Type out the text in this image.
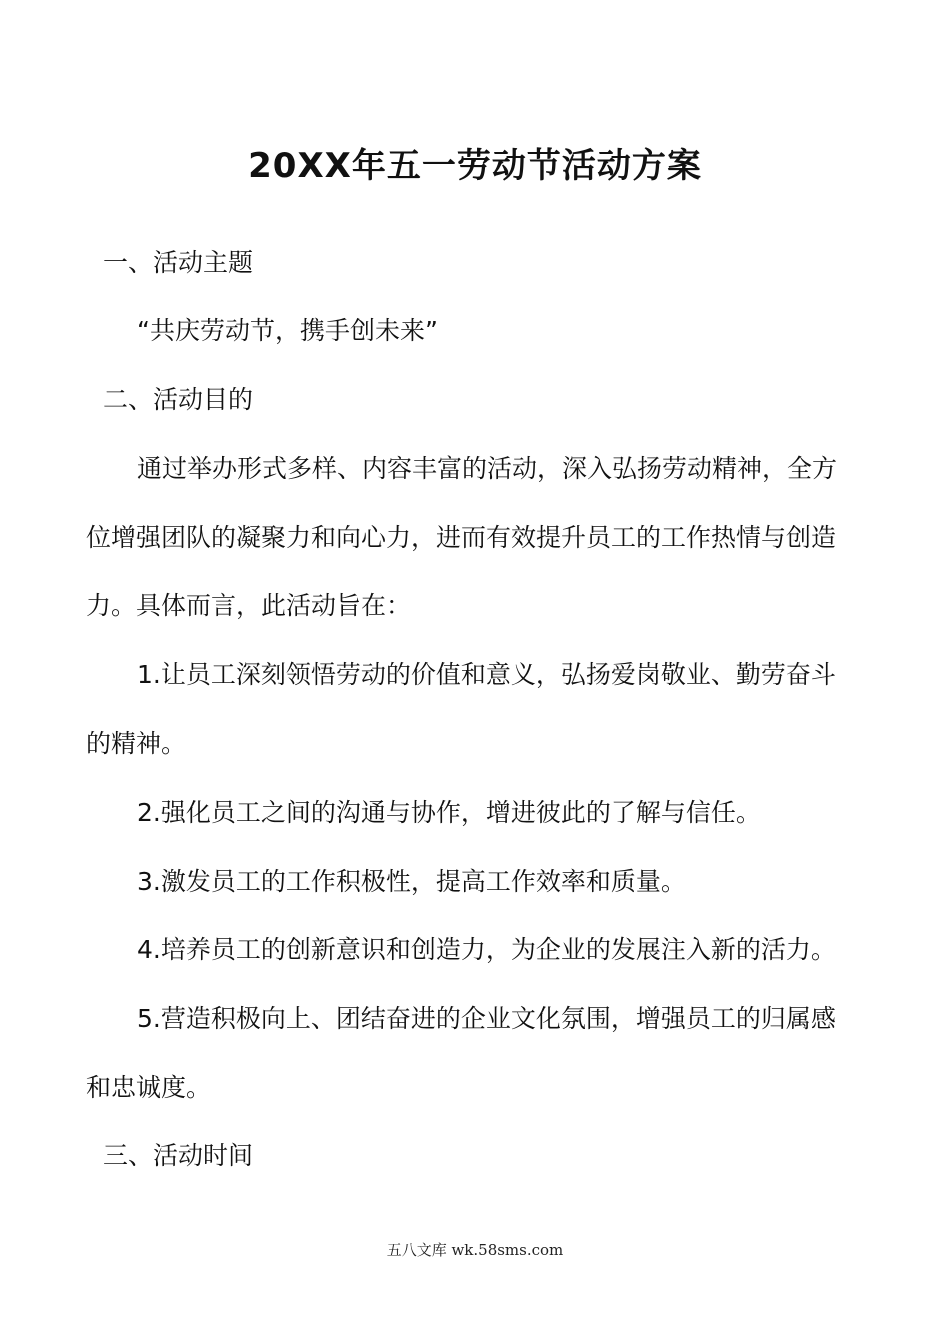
20XX年五一劳动节活动方案

一、活动主题

“共庆劳动节，携手创未来”

二、活动目的

通过举办形式多样、内容丰富的活动，深入弘扬劳动精神，全方

位增强团队的凝聚力和向心力，进而有效提升员工的工作热情与创造

力。具体而言，此活动旨在：

1.让员工深刻领悟劳动的价值和意义，弘扬爱岗敬业、勤劳奋斗

的精神。

2.强化员工之间的沟通与协作，增进彼此的了解与信任。

3.激发员工的工作积极性，提高工作效率和质量。

4.培养员工的创新意识和创造力，为企业的发展注入新的活力。

5.营造积极向上、团结奋进的企业文化氛围，增强员工的归属感

和忠诚度。

三、活动时间

五八文库 wk.58sms.com
